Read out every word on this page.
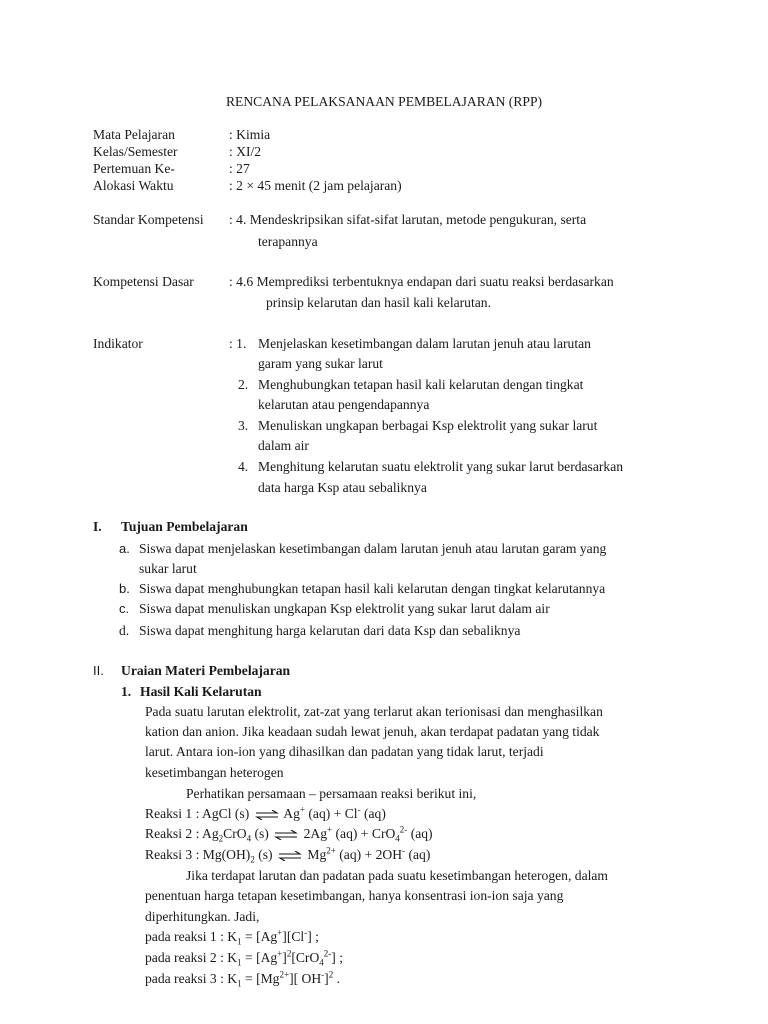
RENCANA PELAKSANAAN PEMBELAJARAN (RPP)
Mata Pelajaran	: Kimia
Kelas/Semester	: XI/2
Pertemuan Ke-	: 27
Alokasi Waktu	: 2 × 45 menit (2 jam pelajaran)
Standar Kompetensi : 4. Mendeskripsikan sifat-sifat larutan, metode pengukuran, serta
terapannya
Kompetensi Dasar	: 4.6 Memprediksi terbentuknya endapan dari suatu reaksi berdasarkan
prinsip kelarutan dan hasil kali kelarutan.
Indikator	: 1. Menjelaskan kesetimbangan dalam larutan jenuh atau larutan
garam yang sukar larut
2. Menghubungkan tetapan hasil kali kelarutan dengan tingkat
kelarutan atau pengendapannya
3. Menuliskan ungkapan berbagai Ksp elektrolit yang sukar larut
dalam air
4. Menghitung kelarutan suatu elektrolit yang sukar larut berdasarkan
data harga Ksp atau sebaliknya
I. Tujuan Pembelajaran
a. Siswa dapat menjelaskan kesetimbangan dalam larutan jenuh atau larutan garam yang
sukar larut
b. Siswa dapat menghubungkan tetapan hasil kali kelarutan dengan tingkat kelarutannya
c. Siswa dapat menuliskan ungkapan Ksp elektrolit yang sukar larut dalam air
d. Siswa dapat menghitung harga kelarutan dari data Ksp dan sebaliknya
II. Uraian Materi Pembelajaran
1. Hasil Kali Kelarutan
Pada suatu larutan elektrolit, zat-zat yang terlarut akan terionisasi dan menghasilkan
kation dan anion. Jika keadaan sudah lewat jenuh, akan terdapat padatan yang tidak
larut. Antara ion-ion yang dihasilkan dan padatan yang tidak larut, terjadi
kesetimbangan heterogen
Perhatikan persamaan – persamaan reaksi berikut ini,
Reaksi 1 : AgCl (s) ⇌ Ag+ (aq) + Cl- (aq)
Reaksi 2 : $Ag_2CrO_4$ (s) ⇌ 2Ag+ (aq) + CrO$_4^{2-}$ (aq)
Reaksi 3 : $Mg(OH)_2$ (s) ⇌ $Mg^{2+}$ (aq) + 2OH- (aq)
Jika terdapat larutan dan padatan pada suatu kesetimbangan heterogen, dalam
penentuan harga tetapan kesetimbangan, hanya konsentrasi ion-ion saja yang
diperhitungkan. Jadi,
pada reaksi 1 : $K_1 = [Ag^+][Cl^-]$ ;
pada reaksi 2 : $K_1 = [Ag^+]^2[CrO_4^{2-}]$ ;
pada reaksi 3 : $K_1 = [Mg^{2+}]$[ OH-]$^2$ .
